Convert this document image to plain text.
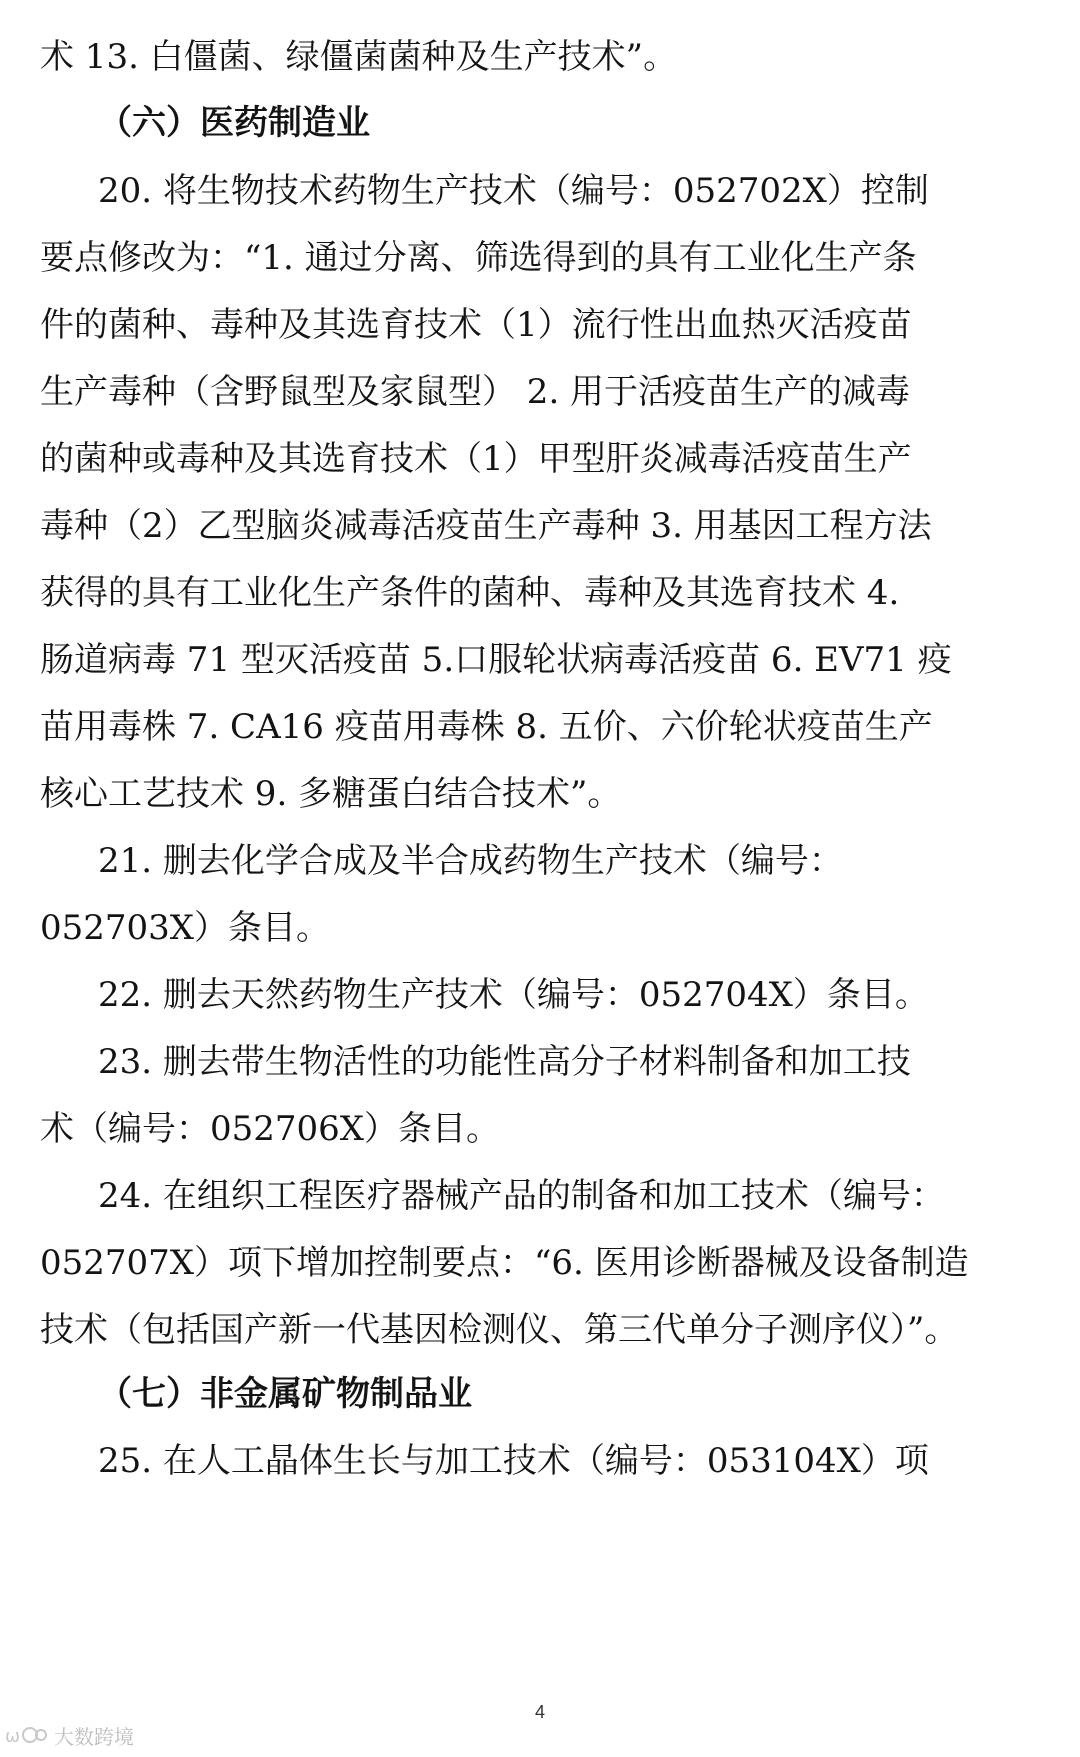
术 13. 白僵菌、绿僵菌菌种及生产技术”。
（六）医药制造业
20. 将生物技术药物生产技术（编号：052702X）控制
要点修改为：“1. 通过分离、筛选得到的具有工业化生产条
件的菌种、毒种及其选育技术（1）流行性出血热灭活疫苗
生产毒种（含野鼠型及家鼠型） 2. 用于活疫苗生产的减毒
的菌种或毒种及其选育技术（1）甲型肝炎减毒活疫苗生产
毒种（2）乙型脑炎减毒活疫苗生产毒种 3. 用基因工程方法
获得的具有工业化生产条件的菌种、毒种及其选育技术 4.
肠道病毒 71 型灭活疫苗 5.口服轮状病毒活疫苗 6. EV71 疫
苗用毒株 7. CA16 疫苗用毒株 8. 五价、六价轮状疫苗生产
核心工艺技术 9. 多糖蛋白结合技术”。
21. 删去化学合成及半合成药物生产技术（编号：
052703X）条目。
22. 删去天然药物生产技术（编号：052704X）条目。
23. 删去带生物活性的功能性高分子材料制备和加工技
术（编号：052706X）条目。
24. 在组织工程医疗器械产品的制备和加工技术（编号：
052707X）项下增加控制要点：“6. 医用诊断器械及设备制造
技术（包括国产新一代基因检测仪、第三代单分子测序仪）”。
（七）非金属矿物制品业
25. 在人工晶体生长与加工技术（编号：053104X）项
4
ω 大数跨境
